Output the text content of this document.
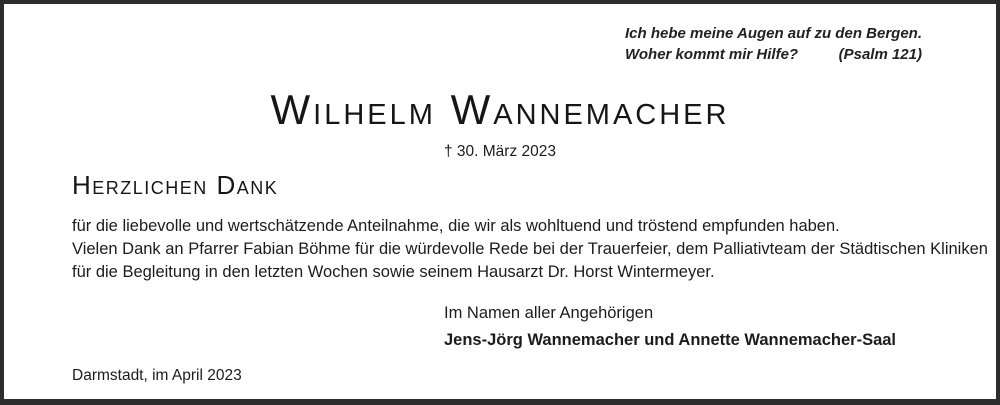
Ich hebe meine Augen auf zu den Bergen.
Woher kommt mir Hilfe?	(Psalm 121)
Wilhelm Wannemacher
† 30. März 2023
Herzlichen Dank
für die liebevolle und wertschätzende Anteilnahme, die wir als wohltuend und tröstend empfunden haben.
Vielen Dank an Pfarrer Fabian Böhme für die würdevolle Rede bei der Trauerfeier, dem Palliativteam der Städtischen Kliniken
für die Begleitung in den letzten Wochen sowie seinem Hausarzt Dr. Horst Wintermeyer.
Im Namen aller Angehörigen
Jens-Jörg Wannemacher und Annette Wannemacher-Saal
Darmstadt, im April 2023
